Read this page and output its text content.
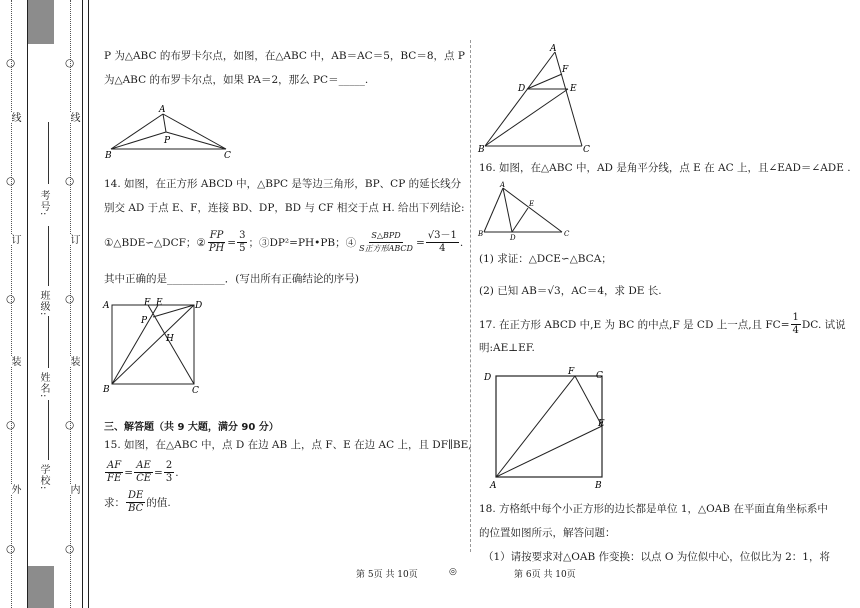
○
○
○
○
○
○
○
○
○
○
线
订
装
外
线
订
装
内
考号:
班级:
姓名:
学校:
P 为△ABC 的布罗卡尔点，如图，在△ABC 中，AB＝AC＝5，BC＝8，点 P
为△ABC 的布罗卡尔点，如果 PA＝2，那么 PC＝_____.
A
B	C
P
14. 如图，在正方形 ABCD 中，△BPC 是等边三角形，BP、CP 的延长线分
别交 AD 于点 E、F，连接 BD、DP，BD 与 CF 相交于点 H. 给出下列结论:
①△BDE∽△DCF；② $\frac{FP}{PH} = \frac{3}{5}$ ；③DP²=PH•PB；④ $\frac{\text{S△BPD}}{\text{S正方形ABCD}} = \frac{√3-1}{4}$ .
其中正确的是___________．(写出所有正确结论的序号)
A	F E	D
P
H
B	C
三、解答题（共 9 大题，满分 90 分）
15. 如图，在△ABC 中，点 D 在边 AB 上，点 F、E 在边 AC 上，且 DF∥BE,
$\frac{AF}{FE} = \frac{AE}{CE} = \frac{2}{3}$ .
求： $\frac{DE}{BC}$ 的值.
A
F
D	E
B	C
16. 如图，在△ABC 中，AD 是角平分线，点 E 在 AC 上，且∠EAD＝∠ADE .
A
E
B	D	C
(1) 求证：△DCE∽△BCA；
(2) 已知 AB＝√3，AC＝4，求 DE 长.
17. 在正方形 ABCD 中,E 为 BC 的中点,F 是 CD 上一点,且 $FC= \frac{1}{4}$ DC. 试说
明:AE⊥EF.
D
F C
E
A	B
18. 方格纸中每个小正方形的边长都是单位 1，△OAB 在平面直角坐标系中
的位置如图所示，解答问题：
（1）请按要求对△OAB 作变换：以点 O 为位似中心，位似比为 2：1，将
第 5页 共 10页	◎	第 6页 共 10页
